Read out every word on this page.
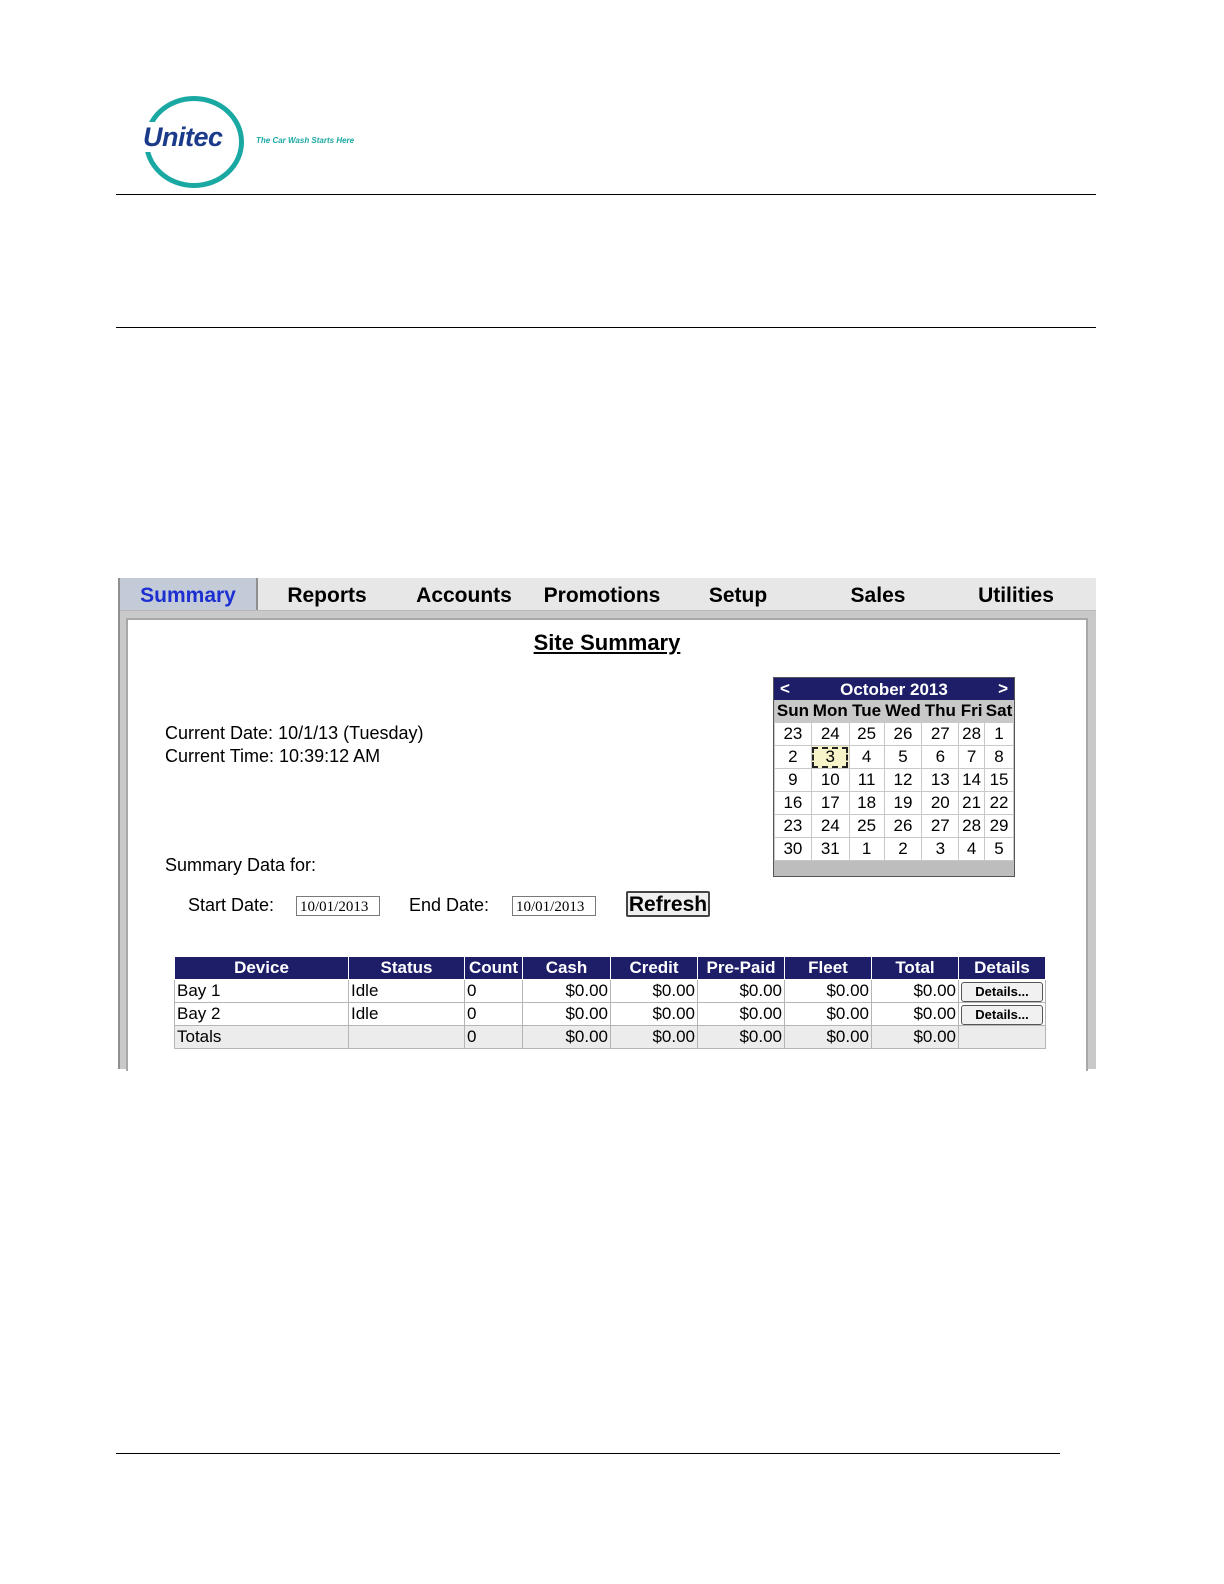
Unitec	The Car Wash Starts Here
Summary	Reports	Accounts	Promotions	Setup	Sales	Utilities
Site Summary
Current Date: 10/1/13 (Tuesday)
Current Time: 10:39:12 AM
Summary Data for:
Start Date: 10/01/2013	End Date: 10/01/2013	Refresh
<	October 2013	>
Sun	Mon	Tue	Wed	Thu	Fri	Sat
23	24	25	26	27	28	1
2	3	4	5	6	7	8
9	10	11	12	13	14	15
16	17	18	19	20	21	22
23	24	25	26	27	28	29
30	31	1	2	3	4	5
Device	Status	Count	Cash	Credit	Pre-Paid	Fleet	Total	Details
Bay 1	Idle	0	$0.00	$0.00	$0.00	$0.00	$0.00	Details...
Bay 2	Idle	0	$0.00	$0.00	$0.00	$0.00	$0.00	Details...
Totals		0	$0.00	$0.00	$0.00	$0.00	$0.00	
